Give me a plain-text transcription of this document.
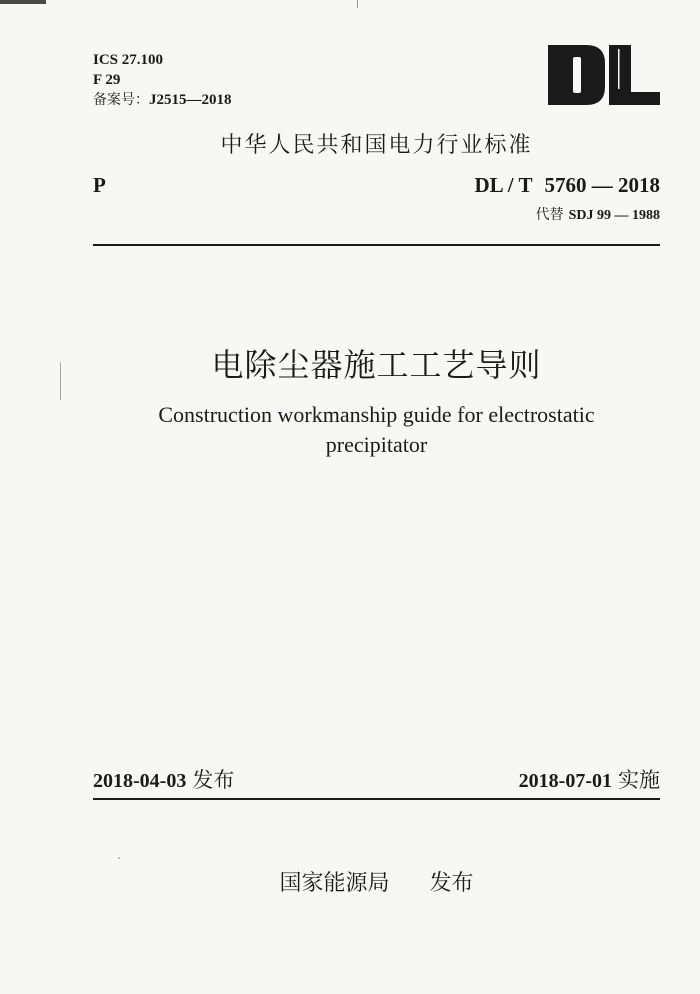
ICS 27.100
F 29
备案号：J2515—2018
中华人民共和国电力行业标准
P	DL / T 5760 — 2018
代替 SDJ 99 — 1988
电除尘器施工工艺导则
Construction workmanship guide for electrostatic
precipitator
2018-04-03 发布	2018-07-01 实施
国家能源局 发布
